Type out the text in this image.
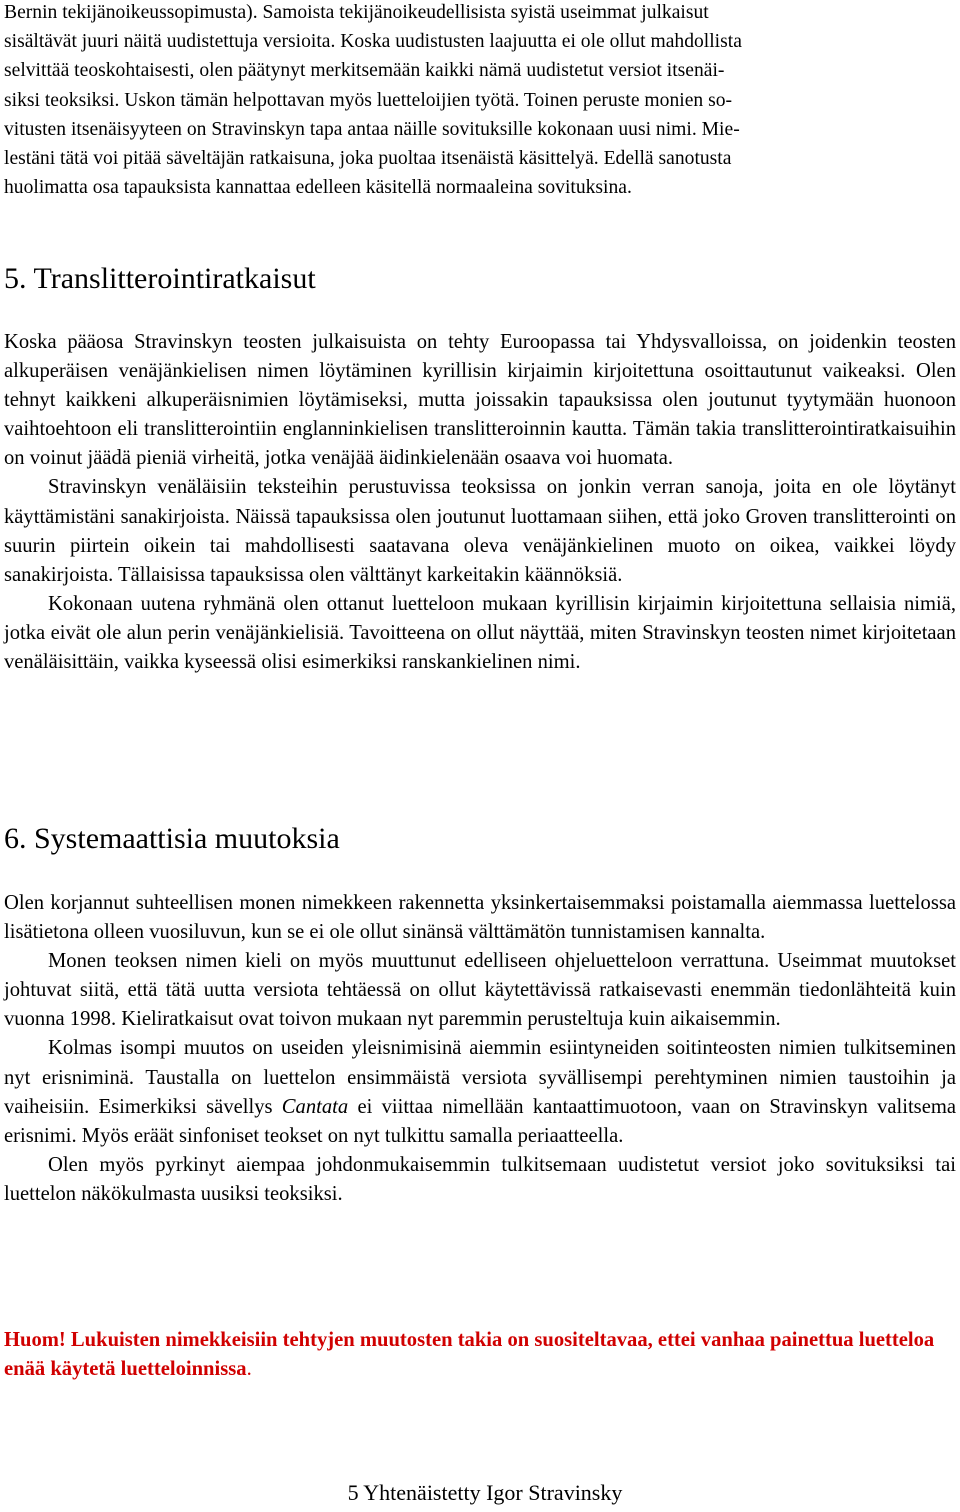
Bernin tekijänoikeussopimusta). Samoista tekijänoikeudellisista syistä useimmat julkaisut
sisältävät juuri näitä uudistettuja versioita. Koska uudistusten laajuutta ei ole ollut mahdollista
selvittää teoskohtaisesti, olen päätynyt merkitsemään kaikki nämä uudistetut versiot itsenäi-
siksi teoksiksi. Uskon tämän helpottavan myös luetteloijien työtä. Toinen peruste monien so-
vitusten itsenäisyyteen on Stravinskyn tapa antaa näille sovituksille kokonaan uusi nimi. Mie-
lestäni tätä voi pitää säveltäjän ratkaisuna, joka puoltaa itsenäistä käsittelyä. Edellä sanotusta
huolimatta osa tapauksista kannattaa edelleen käsitellä normaaleina sovituksina.
5. Translitterointiratkaisut

Koska pääosa Stravinskyn teosten julkaisuista on tehty Euroopassa tai Yhdysvalloissa, on joidenkin teosten alkuperäisen venäjänkielisen nimen löytäminen kyrillisin kirjaimin kirjoitettuna osoittautunut vaikeaksi. Olen tehnyt kaikkeni alkuperäisnimien löytämiseksi, mutta joissakin tapauksissa olen joutunut tyytymään huonoon vaihtoehtoon eli translitterointiin englanninkielisen translitteroinnin kautta. Tämän takia translitterointiratkaisuihin on voinut jäädä pieniä virheitä, jotka venäjää äidinkielenään osaava voi huomata.

Stravinskyn venäläisiin teksteihin perustuvissa teoksissa on jonkin verran sanoja, joita en ole löytänyt käyttämistäni sanakirjoista. Näissä tapauksissa olen joutunut luottamaan siihen, että joko Groven translitterointi on suurin piirtein oikein tai mahdollisesti saatavana oleva venäjänkielinen muoto on oikea, vaikkei löydy sanakirjoista. Tällaisissa tapauksissa olen välttänyt karkeitakin käännöksiä.

Kokonaan uutena ryhmänä olen ottanut luetteloon mukaan kyrillisin kirjaimin kirjoitettuna sellaisia nimiä, jotka eivät ole alun perin venäjänkielisiä. Tavoitteena on ollut näyttää, miten Stravinskyn teosten nimet kirjoitetaan venäläisittäin, vaikka kyseessä olisi esimerkiksi ranskankielinen nimi.

6. Systemaattisia muutoksia

Olen korjannut suhteellisen monen nimekkeen rakennetta yksinkertaisemmaksi poistamalla aiemmassa luettelossa lisätietona olleen vuosiluvun, kun se ei ole ollut sinänsä välttämätön tunnistamisen kannalta.

Monen teoksen nimen kieli on myös muuttunut edelliseen ohjeluetteloon verrattuna. Useimmat muutokset johtuvat siitä, että tätä uutta versiota tehtäessä on ollut käytettävissä ratkaisevasti enemmän tiedonlähteitä kuin vuonna 1998. Kieliratkaisut ovat toivon mukaan nyt paremmin perusteltuja kuin aikaisemmin.

Kolmas isompi muutos on useiden yleisnimisinä aiemmin esiintyneiden soitinteosten nimien tulkitseminen nyt erisniminä. Taustalla on luettelon ensimmäistä versiota syvällisempi perehtyminen nimien taustoihin ja vaiheisiin. Esimerkiksi sävellys Cantata ei viittaa nimellään kantaattimuotoon, vaan on Stravinskyn valitsema erisnimi. Myös eräät sinfoniset teokset on nyt tulkittu samalla periaatteella.

Olen myös pyrkinyt aiempaa johdonmukaisemmin tulkitsemaan uudistetut versiot joko sovituksiksi tai luettelon näkökulmasta uusiksi teoksiksi.

Huom! Lukuisten nimekkeisiin tehtyjen muutosten takia on suositeltavaa, ettei vanhaa painettua luetteloa enää käytetä luetteloinnissa.
5 Yhtenäistetty Igor Stravinsky
